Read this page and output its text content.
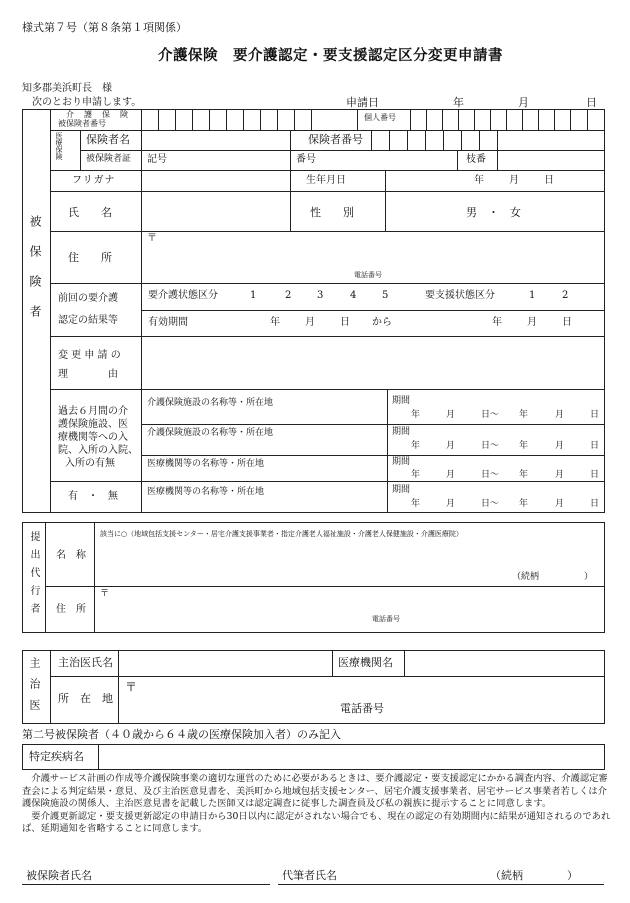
様式第７号（第８条第１項関係）
介護保険　要介護認定・要支援認定区分変更申請書
知多郡美浜町長　様
次のとおり申請します。	申請日	年	月	日
被保険者
介　護　保　険
被保険者番号
個人番号
医療保険 保険者名	保険者番号
被保険者証 記号	番号	枝番
フリガナ	生年月日	年	月	日
氏　　名	性　　別	男　・　女
住　　所
〒
電話番号
前回の要介護
認定の結果等
要介護状態区分	1	2	3	4	5	要支援状態区分	1	2
有効期間	年	月	日 から	年	月	日
変 更 申 請 の
理　　　　由
過去６月間の介
護保険施設、医
療機関等への入
院、入所の入院、
入所の有無
有　・　無
介護保険施設の名称等・所在地	期間
年	月	日～ 年	月	日
介護保険施設の名称等・所在地	期間
年	月	日～ 年	月	日
医療機関等の名称等・所在地	期間
年	月	日～ 年	月	日
医療機関等の名称等・所在地	期間
年	月	日～ 年	月	日
提出代行者 名　称
該当に○（地域包括支援センター・居宅介護支援事業者・指定介護老人福祉施設・介護老人保健施設・介護医療院）
（続柄　　　　　）
住　所
〒
電話番号
主治医 主治医氏名	医療機関名
所　在　地
〒
電話番号
第二号被保険者（４０歳から６４歳の医療保険加入者）のみ記入
特定疾病名

介護サービス計画の作成等介護保険事業の適切な運営のために必要があるときは、要介護認定・要支援認定にかかる調査内容、介護認定審査会による判定結果・意見、及び主治医意見書を、美浜町から地域包括支援センター、居宅介護支援事業者、居宅サービス事業者若しくは介護保険施設の関係人、主治医意見書を記載した医師又は認定調査に従事した調査員及び私の親族に提示することに同意します。

要介護更新認定・要支援更新認定の申請日から30日以内に認定がされない場合でも、現在の認定の有効期間内に結果が通知されるのであれば、延期通知を省略することに同意します。

被保険者氏名	代筆者氏名	（続柄　　　　）
